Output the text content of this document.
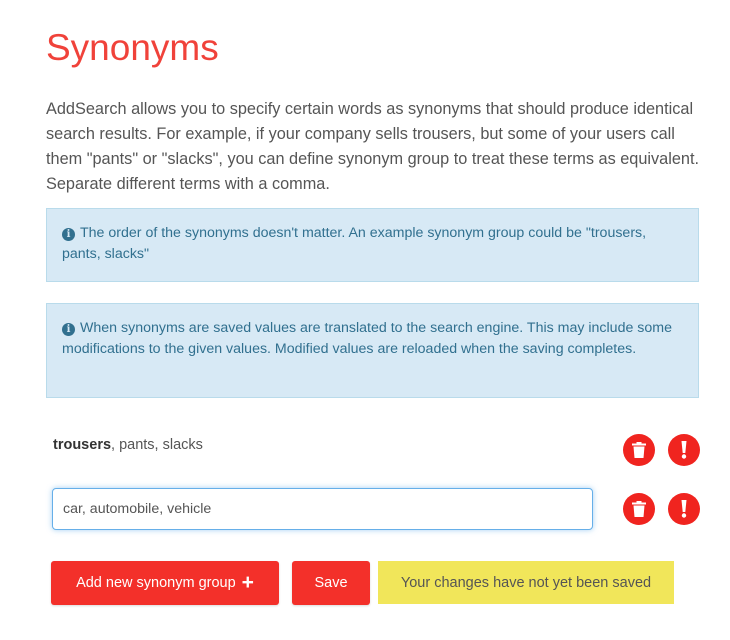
Synonyms

AddSearch allows you to specify certain words as synonyms that should produce identical search results. For example, if your company sells trousers, but some of your users call them "pants" or "slacks", you can define synonym group to treat these terms as equivalent. Separate different terms with a comma.

i The order of the synonyms doesn't matter. An example synonym group could be "trousers, pants, slacks"
i When synonyms are saved values are translated to the search engine. This may include some modifications to the given values. Modified values are reloaded when the saving completes.
trousers, pants, slacks
car, automobile, vehicle
Add new synonym group +	Save	Your changes have not yet been saved
